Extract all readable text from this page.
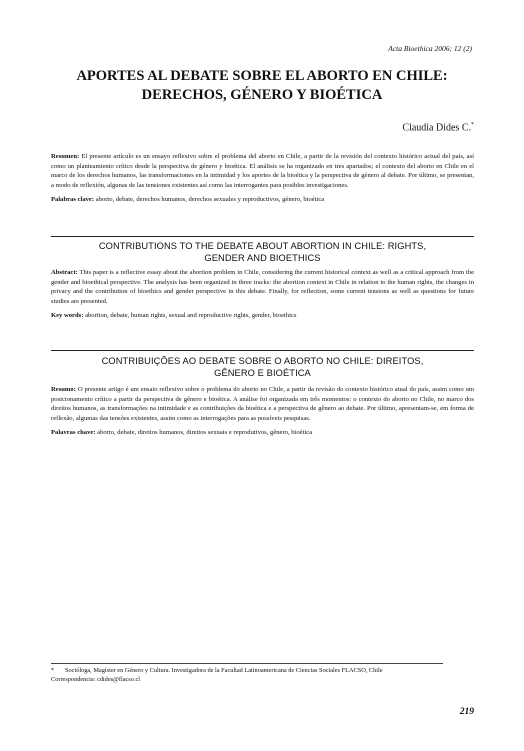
Acta Bioethica 2006; 12 (2)
APORTES AL DEBATE SOBRE EL ABORTO EN CHILE:
DERECHOS, GÉNERO Y BIOÉTICA
Claudia Dides C.*
Resumen: El presente artículo es un ensayo reflexivo sobre el problema del aborto en Chile, a partir de la revisión del contexto histórico actual del país, así como un planteamiento crítico desde la perspectiva de género y bioética. El análisis se ha organizado en tres apartados; el contexto del aborto en Chile en el marco de los derechos humanos, las transformaciones en la intimidad y los aportes de la bioética y la perspectiva de género al debate. Por último, se presentan, a modo de reflexión, algunas de las tensiones existentes así como las interrogantes para posibles investigaciones.
Palabras clave: aborto, debate, derechos humanos, derechos sexuales y reproductivos, género, bioética
CONTRIBUTIONS TO THE DEBATE ABOUT ABORTION IN CHILE: RIGHTS,
GENDER AND BIOETHICS
Abstract: This paper is a reflective essay about the abortion problem in Chile, considering the current historical context as well as a critical approach from the gender and bioethical perspective. The analysis has been organized in three tracks: the abortion context in Chile in relation to the human rights, the changes in privacy and the contribution of bioethics and gender perspective in this debate. Finally, for reflection, some current tensions as well as questions for future studies are presented.
Key words: abortion, debate, human rights, sexual and reproductive rights, gender, bioethics
CONTRIBUIÇÕES AO DEBATE SOBRE O ABORTO NO CHILE: DIREITOS,
GÊNERO E BIOÉTICA
Resumo: O presente artigo é um ensaio reflexivo sobre o problema do aborto no Chile, a partir da revisão do contexto histórico atual do país, assim como um posicionamento crítico a partir da perspectiva de gênero e bioética. A análise foi organizada em três momentos: o contexto do aborto no Chile, no marco dos direitos humanos, as transformações na intimidade e as contribuições da bioética e a perspectiva de gênero ao debate. Por último, apresentam-se, em forma de reflexão, algumas das tensões existentes, assim como as interrogações para as possíveis pesquisas.
Palavras chave: aborto, debate, direitos humanos, direitos sexuais e reprodutivos, gênero, bioética
* Socióloga, Magíster en Género y Cultura. Investigadora de la Facultad Latinoamericana de Ciencias Sociales FLACSO, Chile
Correspondencia: cdides@flacso.cl
219
